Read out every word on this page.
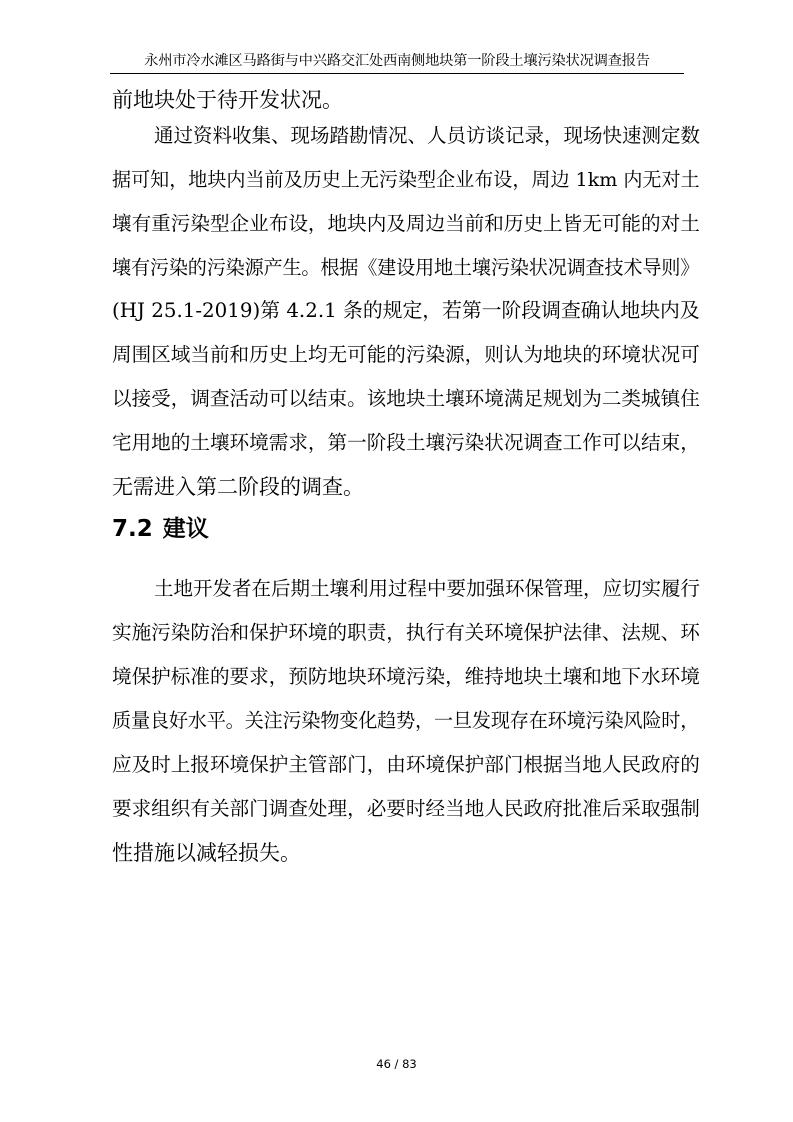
永州市冷水滩区马路街与中兴路交汇处西南侧地块第一阶段土壤污染状况调查报告
前地块处于待开发状况。
通过资料收集、现场踏勘情况、人员访谈记录，现场快速测定数
据可知，地块内当前及历史上无污染型企业布设，周边 1km 内无对土
壤有重污染型企业布设，地块内及周边当前和历史上皆无可能的对土
壤有污染的污染源产生。根据《建设用地土壤污染状况调查技术导则》
(HJ 25.1-2019)第 4.2.1 条的规定，若第一阶段调查确认地块内及
周围区域当前和历史上均无可能的污染源，则认为地块的环境状况可
以接受，调查活动可以结束。该地块土壤环境满足规划为二类城镇住
宅用地的土壤环境需求，第一阶段土壤污染状况调查工作可以结束，
无需进入第二阶段的调查。
7.2 建议
土地开发者在后期土壤利用过程中要加强环保管理，应切实履行
实施污染防治和保护环境的职责，执行有关环境保护法律、法规、环
境保护标准的要求，预防地块环境污染，维持地块土壤和地下水环境
质量良好水平。关注污染物变化趋势，一旦发现存在环境污染风险时，
应及时上报环境保护主管部门，由环境保护部门根据当地人民政府的
要求组织有关部门调查处理，必要时经当地人民政府批准后采取强制
性措施以减轻损失。
46 / 83
